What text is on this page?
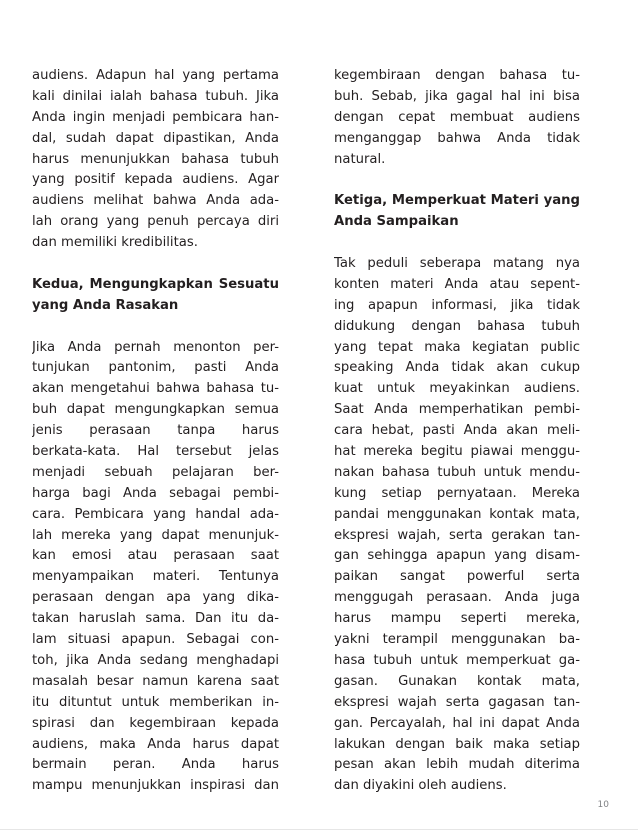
audiens. Adapun hal yang pertama
kali dinilai ialah bahasa tubuh. Jika
Anda ingin menjadi pembicara han-
dal, sudah dapat dipastikan, Anda
harus menunjukkan bahasa tubuh
yang positif kepada audiens. Agar
audiens melihat bahwa Anda ada-
lah orang yang penuh percaya diri
dan memiliki kredibilitas.
Kedua, Mengungkapkan Sesuatu
yang Anda Rasakan
Jika Anda pernah menonton per-
tunjukan pantonim, pasti Anda
akan mengetahui bahwa bahasa tu-
buh dapat mengungkapkan semua
jenis perasaan tanpa harus
berkata-kata. Hal tersebut jelas
menjadi sebuah pelajaran ber-
harga bagi Anda sebagai pembi-
cara. Pembicara yang handal ada-
lah mereka yang dapat menunjuk-
kan emosi atau perasaan saat
menyampaikan materi. Tentunya
perasaan dengan apa yang dika-
takan haruslah sama. Dan itu da-
lam situasi apapun. Sebagai con-
toh, jika Anda sedang menghadapi
masalah besar namun karena saat
itu dituntut untuk memberikan in-
spirasi dan kegembiraan kepada
audiens, maka Anda harus dapat
bermain peran. Anda harus
mampu menunjukkan inspirasi dan
kegembiraan dengan bahasa tu-
buh. Sebab, jika gagal hal ini bisa
dengan cepat membuat audiens
menganggap bahwa Anda tidak
natural.
Ketiga, Memperkuat Materi yang
Anda Sampaikan
Tak peduli seberapa matang nya
konten materi Anda atau sepent-
ing apapun informasi, jika tidak
didukung dengan bahasa tubuh
yang tepat maka kegiatan public
speaking Anda tidak akan cukup
kuat untuk meyakinkan audiens.
Saat Anda memperhatikan pembi-
cara hebat, pasti Anda akan meli-
hat mereka begitu piawai menggu-
nakan bahasa tubuh untuk mendu-
kung setiap pernyataan. Mereka
pandai menggunakan kontak mata,
ekspresi wajah, serta gerakan tan-
gan sehingga apapun yang disam-
paikan sangat powerful serta
menggugah perasaan. Anda juga
harus mampu seperti mereka,
yakni terampil menggunakan ba-
hasa tubuh untuk memperkuat ga-
gasan. Gunakan kontak mata,
ekspresi wajah serta gagasan tan-
gan. Percayalah, hal ini dapat Anda
lakukan dengan baik maka setiap
pesan akan lebih mudah diterima
dan diyakini oleh audiens.
10
